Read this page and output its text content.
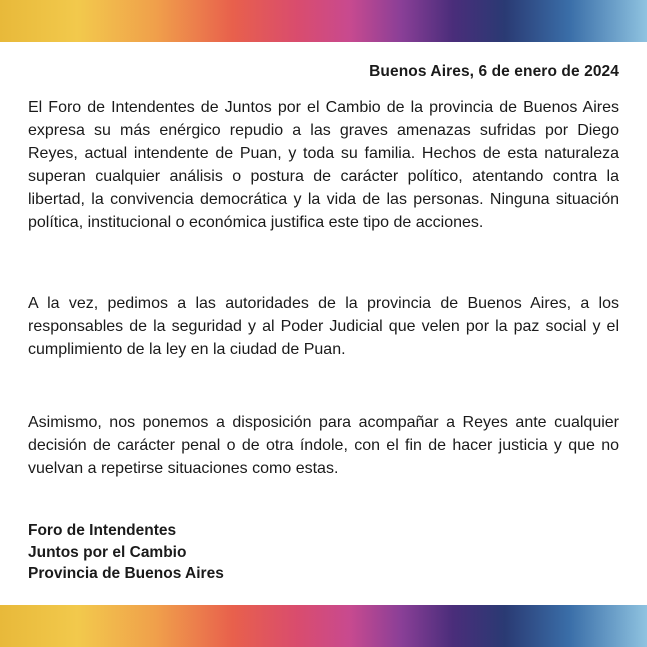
Buenos Aires, 6 de enero de 2024

El Foro de Intendentes de Juntos por el Cambio de la provincia de Buenos Aires expresa su más enérgico repudio a las graves amenazas sufridas por Diego Reyes, actual intendente de Puan, y toda su familia. Hechos de esta naturaleza superan cualquier análisis o postura de carácter político, atentando contra la libertad, la convivencia democrática y la vida de las personas. Ninguna situación política, institucional o económica justifica este tipo de acciones.

A la vez, pedimos a las autoridades de la provincia de Buenos Aires, a los responsables de la seguridad y al Poder Judicial que velen por la paz social y el cumplimiento de la ley en la ciudad de Puan.

Asimismo, nos ponemos a disposición para acompañar a Reyes ante cualquier decisión de carácter penal o de otra índole, con el fin de hacer justicia y que no vuelvan a repetirse situaciones como estas.

Foro de Intendentes
Juntos por el Cambio
Provincia de Buenos Aires
